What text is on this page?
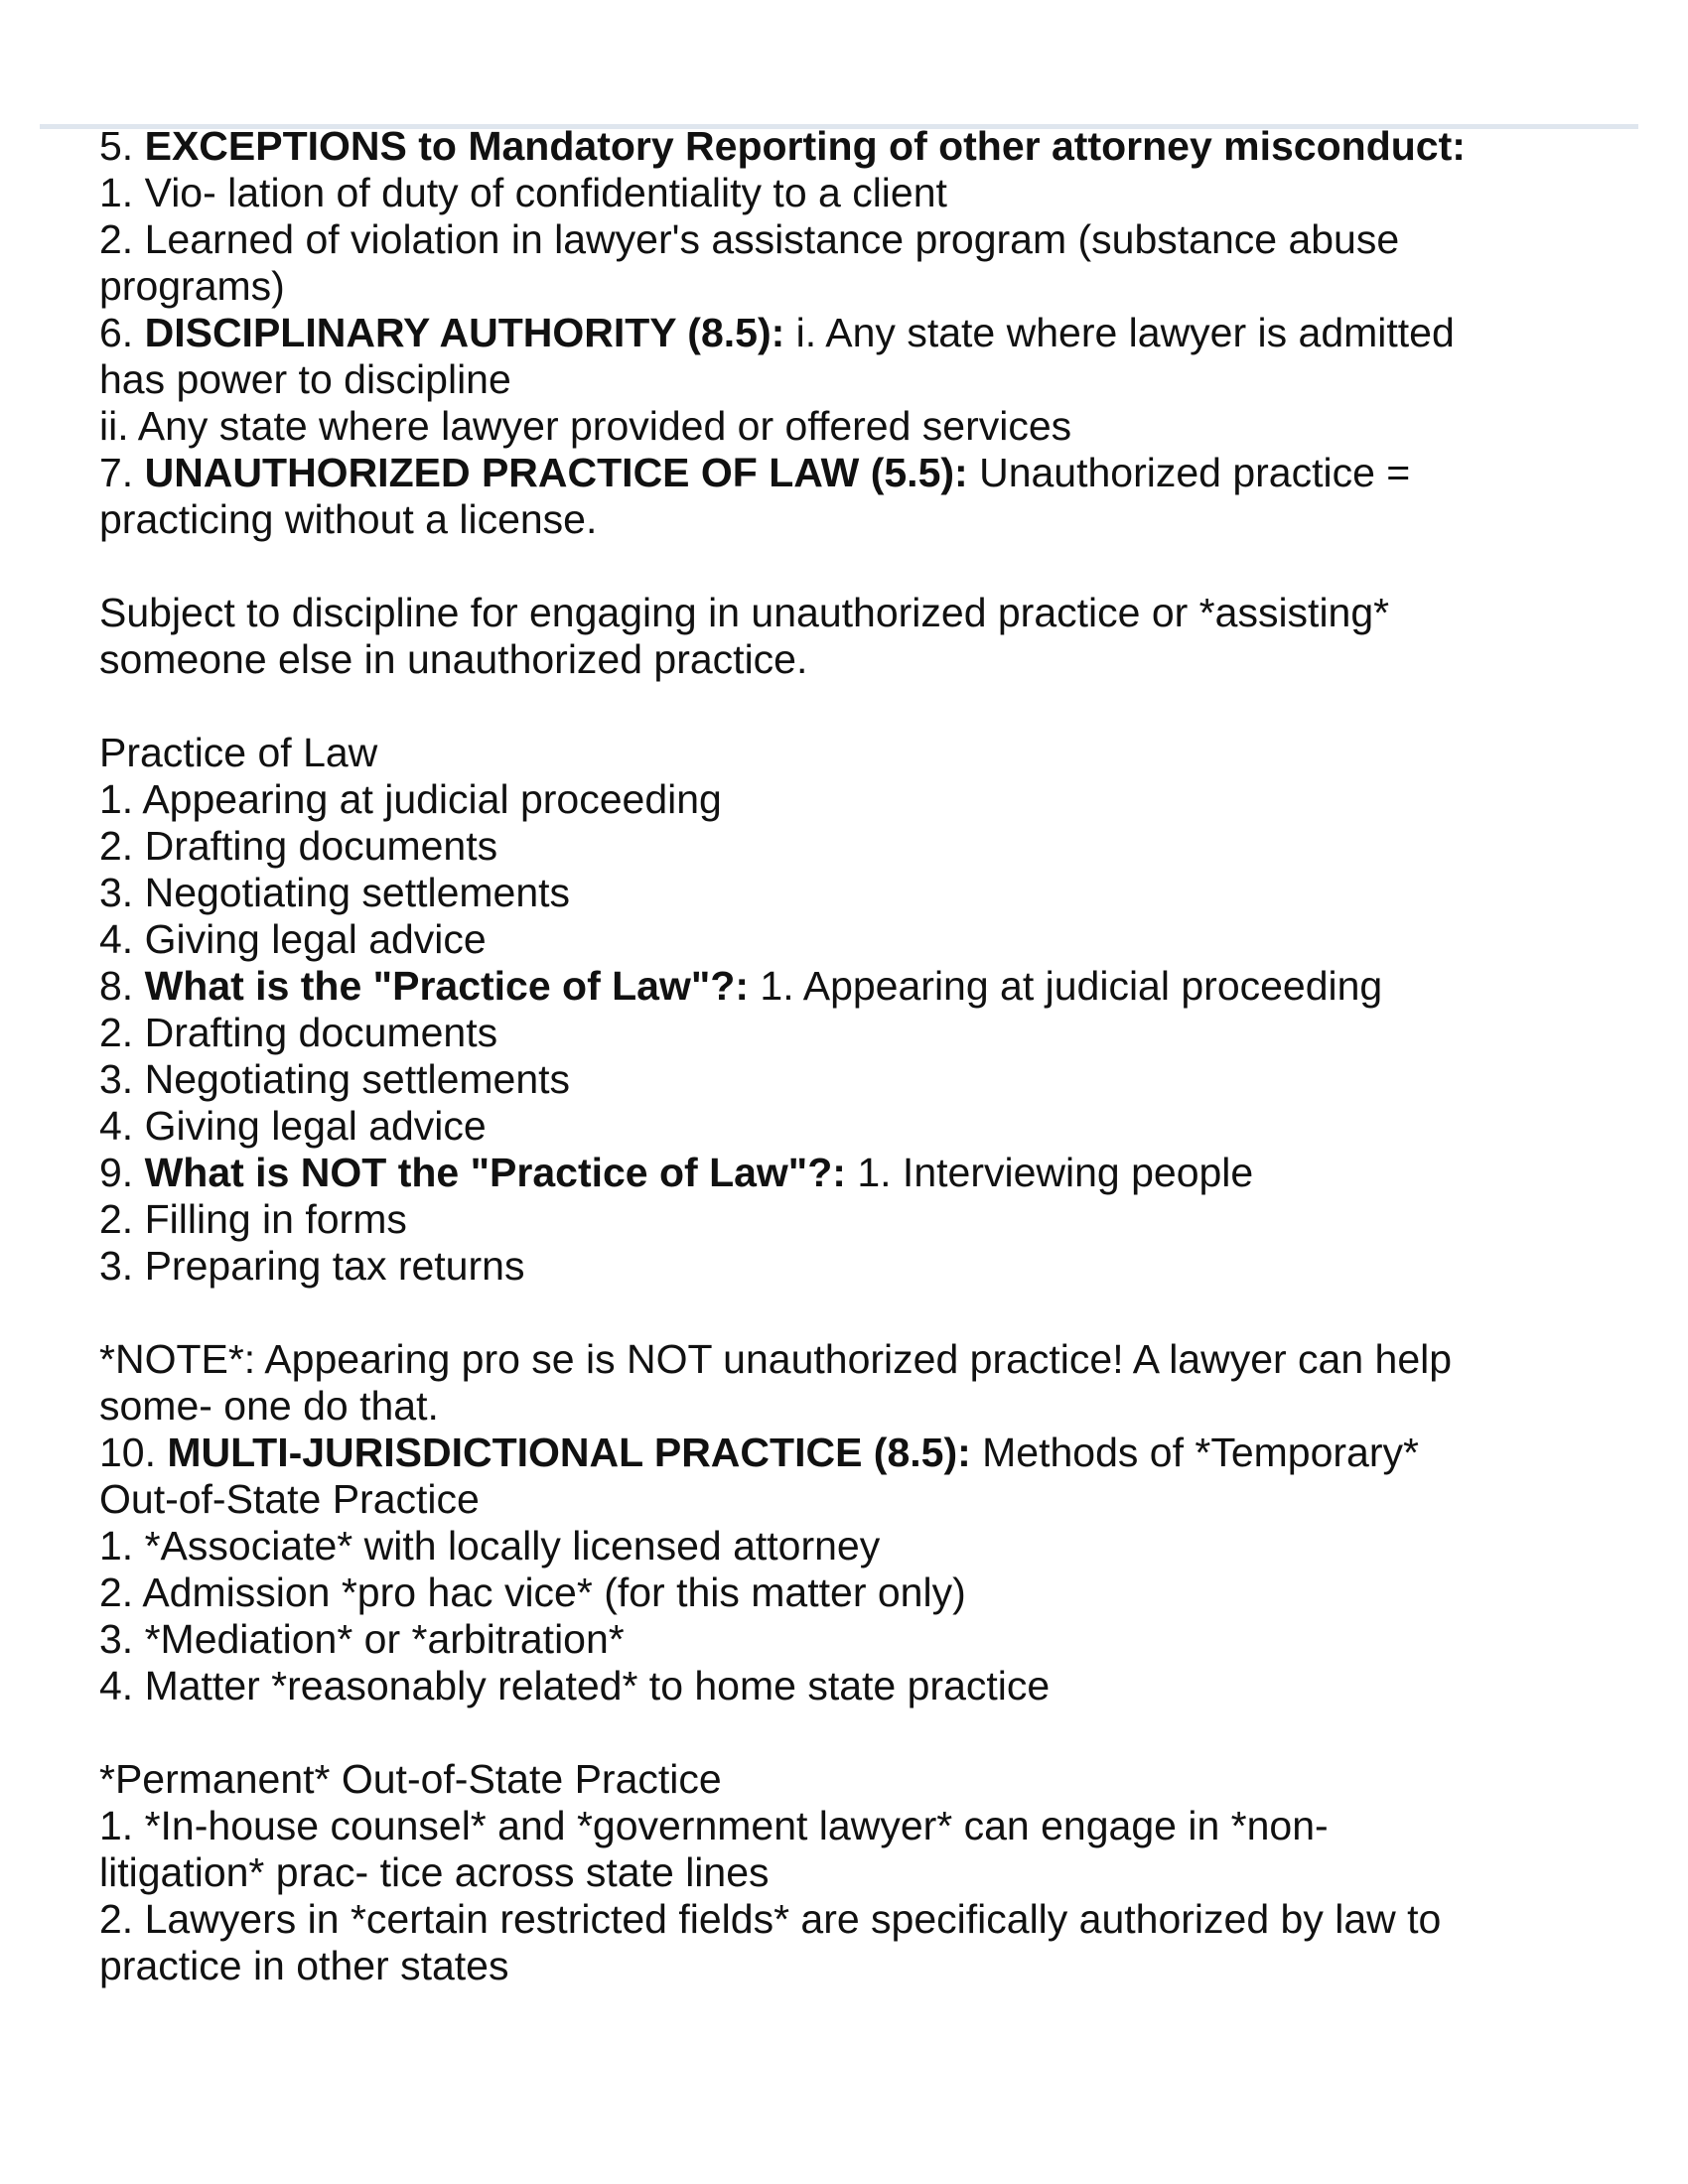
5. EXCEPTIONS to Mandatory Reporting of other attorney misconduct:
1. Vio- lation of duty of confidentiality to a client
2. Learned of violation in lawyer's assistance program (substance abuse
programs)
6. DISCIPLINARY AUTHORITY (8.5): i. Any state where lawyer is admitted
has power to discipline
ii. Any state where lawyer provided or offered services
7. UNAUTHORIZED PRACTICE OF LAW (5.5): Unauthorized practice =
practicing without a license.
Subject to discipline for engaging in unauthorized practice or *assisting*
someone else in unauthorized practice.
Practice of Law
1. Appearing at judicial proceeding
2. Drafting documents
3. Negotiating settlements
4. Giving legal advice
8. What is the "Practice of Law"?: 1. Appearing at judicial proceeding
2. Drafting documents
3. Negotiating settlements
4. Giving legal advice
9. What is NOT the "Practice of Law"?: 1. Interviewing people
2. Filling in forms
3. Preparing tax returns
*NOTE*: Appearing pro se is NOT unauthorized practice! A lawyer can help
some- one do that.
10. MULTI-JURISDICTIONAL PRACTICE (8.5): Methods of *Temporary*
Out-of-State Practice
1. *Associate* with locally licensed attorney
2. Admission *pro hac vice* (for this matter only)
3. *Mediation* or *arbitration*
4. Matter *reasonably related* to home state practice
*Permanent* Out-of-State Practice
1. *In-house counsel* and *government lawyer* can engage in *non-
litigation* prac- tice across state lines
2. Lawyers in *certain restricted fields* are specifically authorized by law to
practice in other states
